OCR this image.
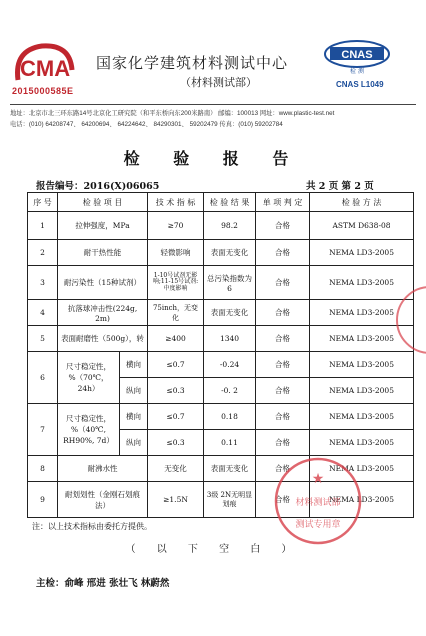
CMA
2015000585E
国家化学建筑材料测试中心
（材料测试部）
CNAS
检 测
CNAS L1049
地址：北京市北三环东路14号北京化工研究院（和平东桥向东200米路南） 邮编：100013 网址：www.plastic-test.net
电话：(010) 64208747、 64200694、 64224642、 84290301、 59202479 传真：(010) 59202784
检 验 报 告
报告编号：2016(X)06065	共 2 页 第 2 页
序 号	检 验 项 目		技 术 指 标	检 验 结 果	单 项 判 定	检 验 方 法
1	拉伸强度，MPa		≥70	98.2	合格	ASTM D638-08
2	耐干热性能		轻微影响	表面无变化	合格	NEMA LD3-2005
3	耐污染性（15种试剂）		1-10号试剂无影响;11-15号试剂:中度影响	总污染指数为6	合格	NEMA LD3-2005
4	抗落球冲击性(224g, 2m)		75inch，无变化	表面无变化	合格	NEMA LD3-2005
5	表面耐磨性（500g），转		≥400	1340	合格	NEMA LD3-2005
6	尺寸稳定性，%（70℃，24h）	横向	≤0.7	-0.24	合格	NEMA LD3-2005
		纵向	≤0.3	-0. 2	合格	NEMA LD3-2005
7	尺寸稳定性，%（40℃, RH90%, 7d）	横向	≤0.7	0.18	合格	NEMA LD3-2005
		纵向	≤0.3	0.11	合格	NEMA LD3-2005
8	耐沸水性		无变化	表面无变化	合格	NEMA LD3-2005
9	耐划划性（金刚石划痕法）		≥1.5N	3级 2N无明显划痕	合格	NEMA LD3-2005
注：以上技术指标由委托方提供。
（ 以 下 空 白 ）
主检：俞峰 邢进 张壮飞 林蔚然
★
材料测试部
测试专用章
